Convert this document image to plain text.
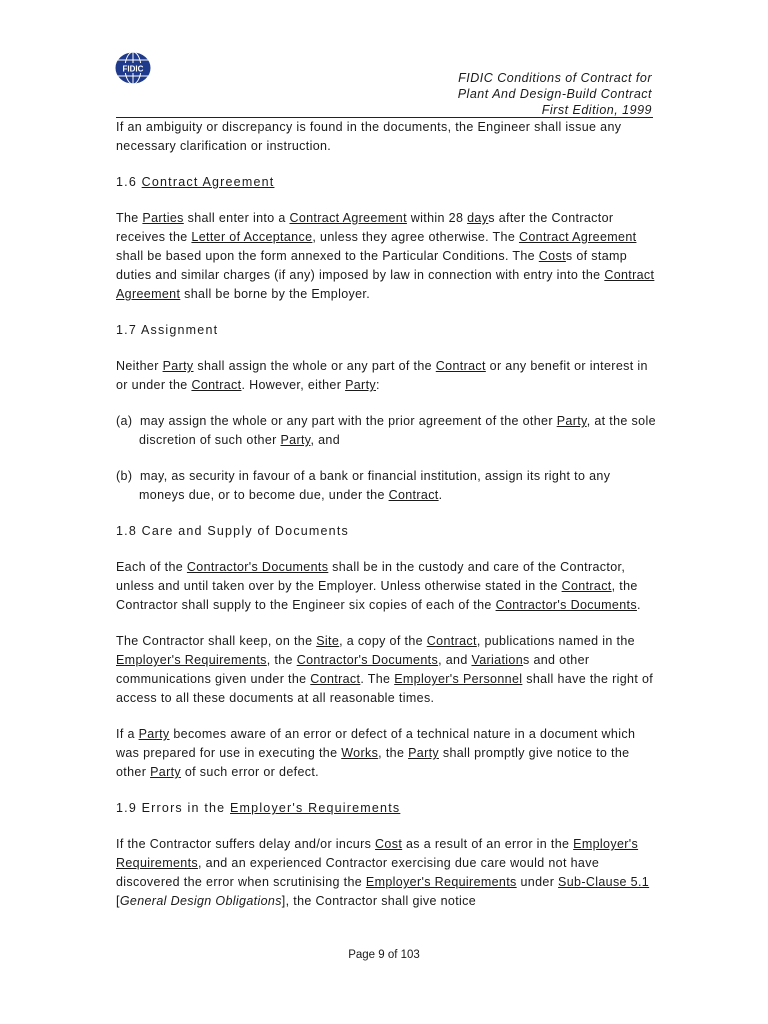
FIDIC
FIDIC Conditions of Contract for
Plant And Design-Build Contract
First Edition, 1999

If an ambiguity or discrepancy is found in the documents, the Engineer shall issue any necessary clarification or instruction.

1.6 Contract Agreement

The Parties shall enter into a Contract Agreement within 28 days after the Contractor receives the Letter of Acceptance, unless they agree otherwise. The Contract Agreement shall be based upon the form annexed to the Particular Conditions. The Costs of stamp duties and similar charges (if any) imposed by law in connection with entry into the Contract Agreement shall be borne by the Employer.

1.7 Assignment

Neither Party shall assign the whole or any part of the Contract or any benefit or interest in or under the Contract. However, either Party:

(a)  may assign the whole or any part with the prior agreement of the other Party, at the sole discretion of such other Party, and

(b)  may, as security in favour of a bank or financial institution, assign its right to any moneys due, or to become due, under the Contract.

1.8 Care and Supply of Documents

Each of the Contractor's Documents shall be in the custody and care of the Contractor, unless and until taken over by the Employer. Unless otherwise stated in the Contract, the Contractor shall supply to the Engineer six copies of each of the Contractor's Documents.

The Contractor shall keep, on the Site, a copy of the Contract, publications named in the Employer's Requirements, the Contractor's Documents, and Variations and other communications given under the Contract. The Employer's Personnel shall have the right of access to all these documents at all reasonable times.

If a Party becomes aware of an error or defect of a technical nature in a document which was prepared for use in executing the Works, the Party shall promptly give notice to the other Party of such error or defect.

1.9 Errors in the Employer's Requirements

If the Contractor suffers delay and/or incurs Cost as a result of an error in the Employer's Requirements, and an experienced Contractor exercising due care would not have discovered the error when scrutinising the Employer's Requirements under Sub-Clause 5.1 [General Design Obligations], the Contractor shall give notice

Page 9 of 103
